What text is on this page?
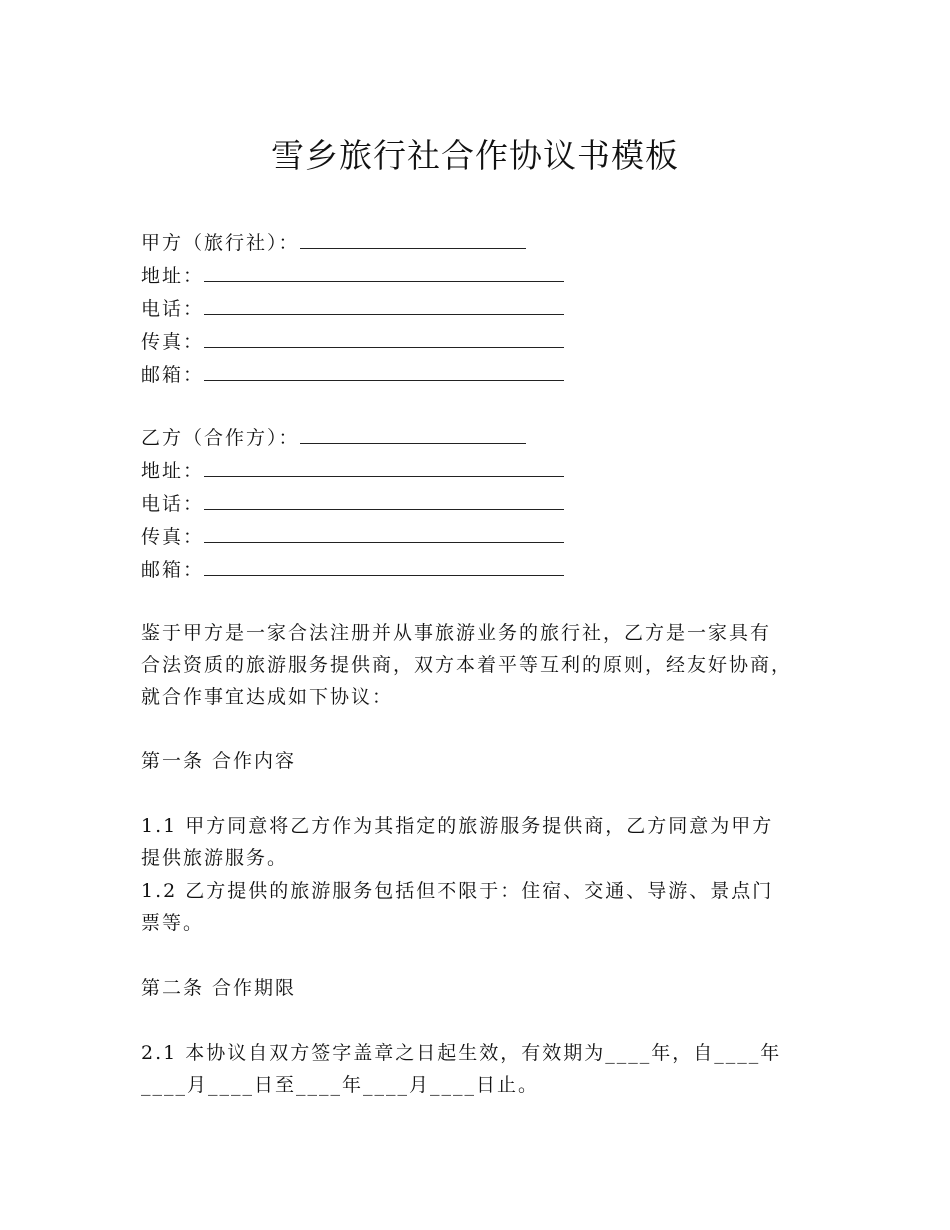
雪乡旅行社合作协议书模板
甲方（旅行社）：
地址：
电话：
传真：
邮箱：
乙方（合作方）：
地址：
电话：
传真：
邮箱：
鉴于甲方是一家合法注册并从事旅游业务的旅行社，乙方是一家具有
合法资质的旅游服务提供商，双方本着平等互利的原则，经友好协商，
就合作事宜达成如下协议：
第一条 合作内容
1.1 甲方同意将乙方作为其指定的旅游服务提供商，乙方同意为甲方
提供旅游服务。
1.2 乙方提供的旅游服务包括但不限于：住宿、交通、导游、景点门
票等。
第二条 合作期限
2.1 本协议自双方签字盖章之日起生效，有效期为____年，自____年
____月____日至____年____月____日止。
